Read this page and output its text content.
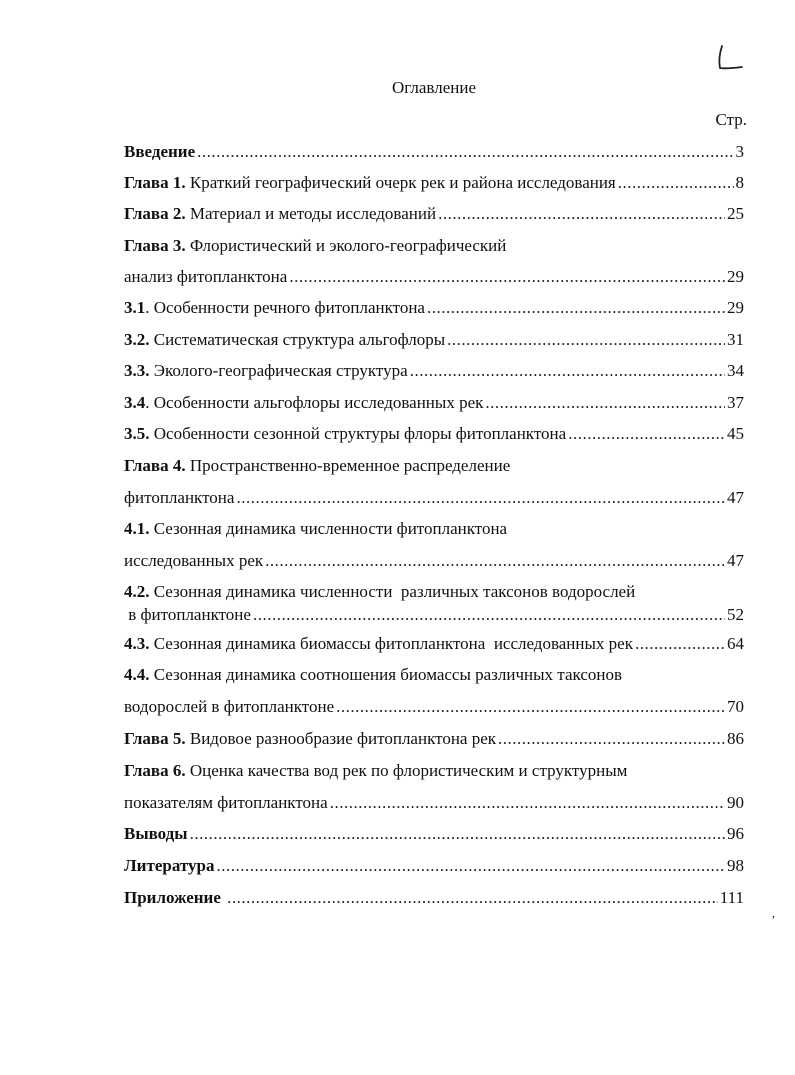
Оглавление
Стр.
Введение .....	3
Глава 1. Краткий географический очерк рек и района исследования .....	8
Глава 2. Материал и методы исследований .....	25
Глава 3. Флористический и эколого-географический
анализ фитопланктона .....	29
3.1. Особенности речного фитопланктона .....	29
3.2. Систематическая структура альгофлоры .....	31
3.3. Эколого-географическая структура .....	34
3.4. Особенности альгофлоры исследованных рек .....	37
3.5. Особенности сезонной структуры флоры фитопланктона .....	45
Глава 4. Пространственно-временное распределение
фитопланктона .....	47
4.1. Сезонная динамика численности фитопланктона
исследованных рек .....	47
4.2. Сезонная динамика численности  различных таксонов водорослей
в фитопланктоне .....	52
4.3. Сезонная динамика биомассы фитопланктона  исследованных рек .....	64
4.4. Сезонная динамика соотношения биомассы различных таксонов
водорослей в фитопланктоне .....	70
Глава 5. Видовое разнообразие фитопланктона рек .....	86
Глава 6. Оценка качества вод рек по флористическим и структурным
показателям фитопланктона .....	90
Выводы .....	96
Литература .....	98
Приложение .....	111
,
